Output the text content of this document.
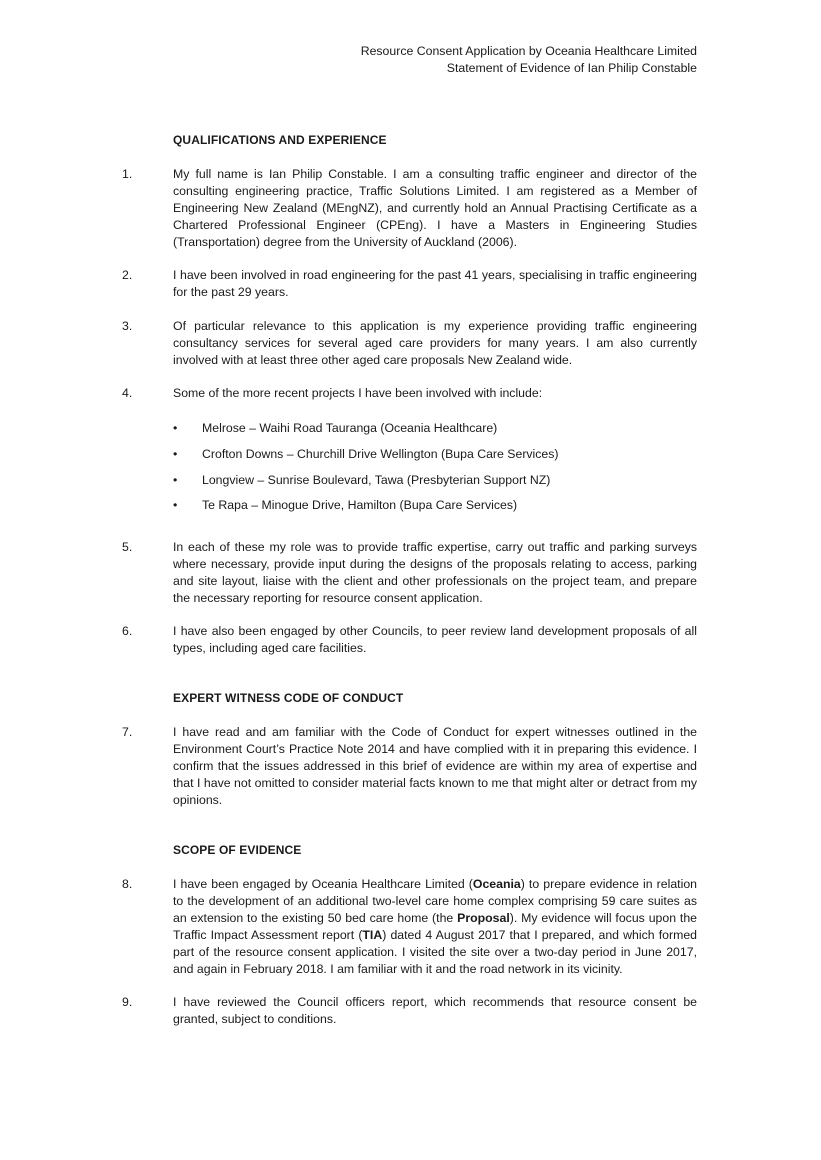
Resource Consent Application by Oceania Healthcare Limited
Statement of Evidence of Ian Philip Constable
QUALIFICATIONS AND EXPERIENCE
1.	My full name is Ian Philip Constable. I am a consulting traffic engineer and director of the consulting engineering practice, Traffic Solutions Limited. I am registered as a Member of Engineering New Zealand (MEngNZ), and currently hold an Annual Practising Certificate as a Chartered Professional Engineer (CPEng). I have a Masters in Engineering Studies (Transportation) degree from the University of Auckland (2006).
2.	I have been involved in road engineering for the past 41 years, specialising in traffic engineering for the past 29 years.
3.	Of particular relevance to this application is my experience providing traffic engineering consultancy services for several aged care providers for many years. I am also currently involved with at least three other aged care proposals New Zealand wide.
4.	Some of the more recent projects I have been involved with include:
• Melrose – Waihi Road Tauranga (Oceania Healthcare)
• Crofton Downs – Churchill Drive Wellington (Bupa Care Services)
• Longview – Sunrise Boulevard, Tawa (Presbyterian Support NZ)
• Te Rapa – Minogue Drive, Hamilton (Bupa Care Services)
5.	In each of these my role was to provide traffic expertise, carry out traffic and parking surveys where necessary, provide input during the designs of the proposals relating to access, parking and site layout, liaise with the client and other professionals on the project team, and prepare the necessary reporting for resource consent application.
6.	I have also been engaged by other Councils, to peer review land development proposals of all types, including aged care facilities.
EXPERT WITNESS CODE OF CONDUCT
7.	I have read and am familiar with the Code of Conduct for expert witnesses outlined in the Environment Court’s Practice Note 2014 and have complied with it in preparing this evidence. I confirm that the issues addressed in this brief of evidence are within my area of expertise and that I have not omitted to consider material facts known to me that might alter or detract from my opinions.
SCOPE OF EVIDENCE
8.	I have been engaged by Oceania Healthcare Limited (Oceania) to prepare evidence in relation to the development of an additional two-level care home complex comprising 59 care suites as an extension to the existing 50 bed care home (the Proposal). My evidence will focus upon the Traffic Impact Assessment report (TIA) dated 4 August 2017 that I prepared, and which formed part of the resource consent application. I visited the site over a two-day period in June 2017, and again in February 2018. I am familiar with it and the road network in its vicinity.
9.	I have reviewed the Council officers report, which recommends that resource consent be granted, subject to conditions.
